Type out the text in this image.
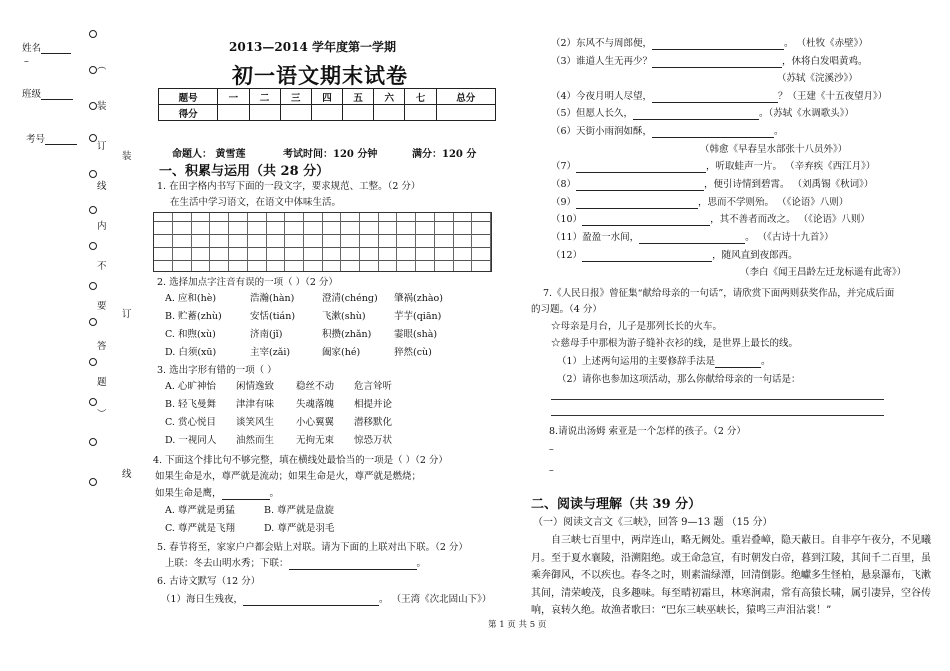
姓名
–
班级
考号
︵
装
订
线
内
不
要
答
题
︶
装
订
线
2013—2014 学年度第一学期
初一语文期末试卷
题号	一	二	三	四	五	六	七	总分
得分								
命题人： 黄雪莲	考试时间：120 分钟	满分：120 分
一、积累与运用（共 28 分）
1. 在田字格内书写下面的一段文字，要求规范、工整。（2 分）
在生活中学习语文，在语文中体味生活。
2. 选择加点字注音有误的一项（ ）（2 分）
A. 应和(hè)	浩瀚(hàn)	澄清(chéng) 肇祸(zhào)
B. 贮蓄(zhù)	安恬(tián)	飞漱(shù)	芋芋(qiān)
C. 和煦(xù)	济南(jǐ)	积攒(zhǎn) 霎眼(shà)
D. 白须(xū)	主宰(zǎi)	阖家(hé)	猝然(cù)
3. 选出字形有错的一项（ ）
A. 心旷神怡 闲情逸致 稳丝不动 危言耸听
B. 轻飞曼舞 津津有味 失魂落魄 相提并论
C. 赏心悦目 谈笑风生 小心翼翼 潜移默化
D. 一视同人 油然而生 无拘无束 惊恐万状
4. 下面这个排比句不够完整，填在横线处最恰当的一项是（ ）（2 分）
如果生命是水，尊严就是流动；如果生命是火，尊严就是燃烧；
如果生命是鹰，	。
A. 尊严就是勇猛	B. 尊严就是盘旋
C. 尊严就是飞翔	D. 尊严就是羽毛
5. 春节将至，家家户户都会贴上对联。请为下面的上联对出下联。（2 分）
上联：冬去山明水秀；下联：	。
6. 古诗文默写（12 分）
（1）海日生残夜，	。 （王湾《次北固山下》）
（2）东风不与周郎便，	。 （杜牧《赤壁》）
（3）谁道人生无再少？	，休将白发唱黄鸡。
（苏轼《浣溪沙》）
（4）今夜月明人尽望，	？（王建《十五夜望月》）
（5）但愿人长久，	。（苏轼《水调歌头》）
（6）天街小雨润如酥，	。
（韩愈《早春呈水部张十八员外》）
（7）	，听取蛙声一片。 （辛弃疾《西江月》）
（8）	，便引诗情到碧霄。 （刘禹锡《秋词》）
（9）	，思而不学则殆。 （《论语》八则）
（10）	，其不善者而改之。 （《论语》八则）
（11）盈盈一水间，	。 （《古诗十九首》）
（12）	，随风直到夜郎西。
（李白《闻王昌龄左迁龙标遥有此寄》）
7.《人民日报》曾征集“献给母亲的一句话”，请欣赏下面两则获奖作品，并完成后面
的习题。（4 分）
☆母亲是月台，儿子是那列长长的火车。
☆慈母手中那根为游子缝补衣衫的线，是世界上最长的线。
（1）上述两句运用的主要修辞手法是	。
（2）请你也参加这项活动，那么你献给母亲的一句话是：
8.请说出汤姆 索亚是一个怎样的孩子。（2 分）
–
–
二、阅读与理解（共 39 分）
（一）阅读文言文《三峡》，回答 9—13 题 （15 分）
自三峡七百里中，两岸连山，略无阙处。重岩叠嶂，隐天蔽日。自非亭午夜分，不见曦
月。至于夏水襄陵，沿溯阻绝。或王命急宣，有时朝发白帝，暮到江陵，其间千二百里，虽
乘奔御风，不以疾也。春冬之时，则素湍绿潭，回清倒影。绝巘多生怪柏，悬泉瀑布，飞漱
其间，清荣峻茂，良多趣味。每至晴初霜旦，林寒涧肃，常有高猿长啸，属引凄异，空谷传
响，哀转久绝。故渔者歌曰：“巴东三峡巫峡长，猿鸣三声泪沾裳！”
第 1 页 共 5 页
